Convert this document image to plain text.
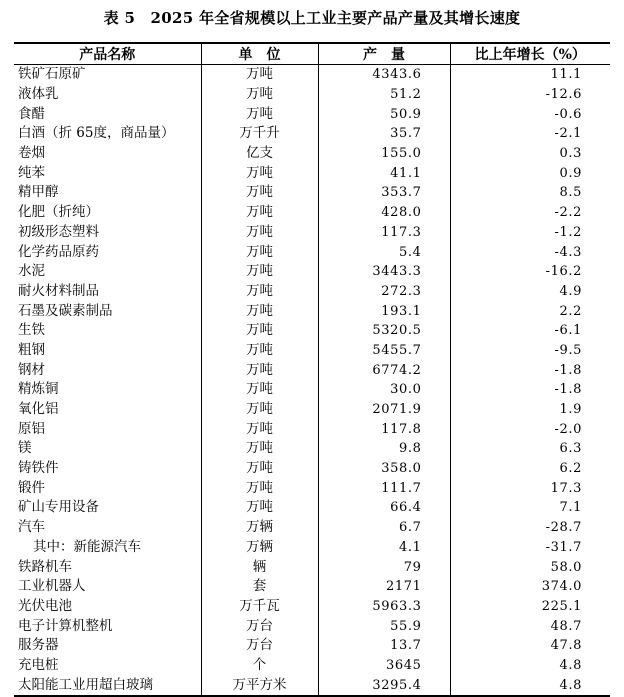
表 5　2025 年全省规模以上工业主要产品产量及其增长速度
产品名称	单　位	产　量	比上年增长（%）
铁矿石原矿	万吨	4343.6	11.1
液体乳	万吨	51.2	-12.6
食醋	万吨	50.9	-0.6
白酒（折 65度，商品量）	万千升	35.7	-2.1
卷烟	亿支	155.0	0.3
纯苯	万吨	41.1	0.9
精甲醇	万吨	353.7	8.5
化肥（折纯）	万吨	428.0	-2.2
初级形态塑料	万吨	117.3	-1.2
化学药品原药	万吨	5.4	-4.3
水泥	万吨	3443.3	-16.2
耐火材料制品	万吨	272.3	4.9
石墨及碳素制品	万吨	193.1	2.2
生铁	万吨	5320.5	-6.1
粗钢	万吨	5455.7	-9.5
钢材	万吨	6774.2	-1.8
精炼铜	万吨	30.0	-1.8
氧化铝	万吨	2071.9	1.9
原铝	万吨	117.8	-2.0
镁	万吨	9.8	6.3
铸铁件	万吨	358.0	6.2
锻件	万吨	111.7	17.3
矿山专用设备	万吨	66.4	7.1
汽车	万辆	6.7	-28.7
其中：新能源汽车	万辆	4.1	-31.7
铁路机车	辆	79	58.0
工业机器人	套	2171	374.0
光伏电池	万千瓦	5963.3	225.1
电子计算机整机	万台	55.9	48.7
服务器	万台	13.7	47.8
充电桩	个	3645	4.8
太阳能工业用超白玻璃	万平方米	3295.4	4.8
